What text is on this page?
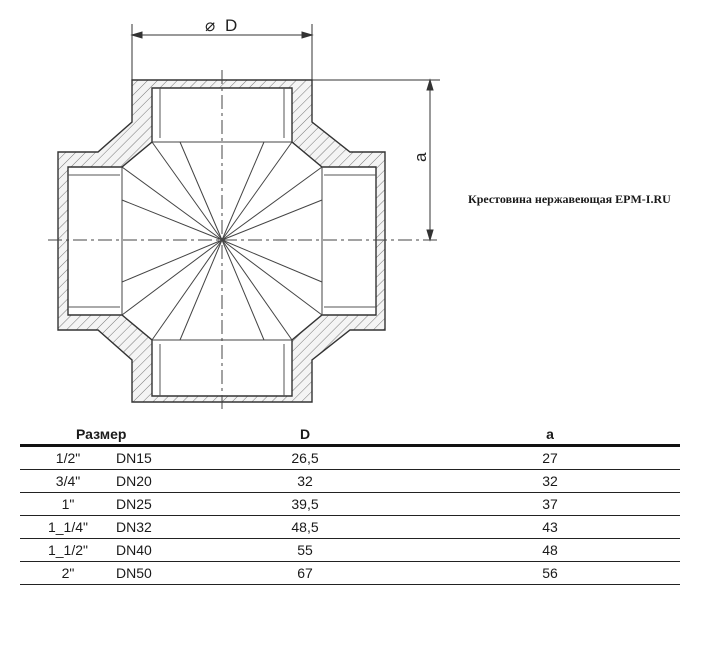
⌀ D
a
Крестовина нержавеющая EPM-I.RU
Размер		D	a
1/2"	DN15	26,5	27
3/4"	DN20	32	32
1"	DN25	39,5	37
1_1/4"	DN32	48,5	43
1_1/2"	DN40	55	48
2"	DN50	67	56
